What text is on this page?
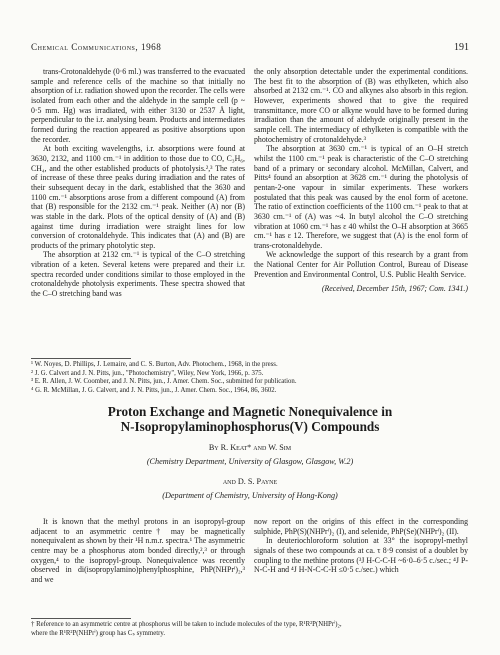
Chemical Communications, 1968	191

trans-Crotonaldehyde (0·6 ml.) was transferred to the evacuated sample and reference cells of the machine so that initially no absorption of i.r. radiation showed upon the recorder. The cells were isolated from each other and the aldehyde in the sample cell (p ~ 0·5 mm. Hg) was irradiated, with either 3130 or 2537 Å light, perpendicular to the i.r. analysing beam. Products and intermediates formed during the reaction appeared as positive absorptions upon the recorder.

At both exciting wavelengths, i.r. absorptions were found at 3630, 2132, and 1100 cm.⁻¹ in addition to those due to CO, C₃H₆, CH₄, and the other established products of photolysis.²,³ The rates of increase of these three peaks during irradiation and the rates of their subsequent decay in the dark, established that the 3630 and 1100 cm.⁻¹ absorptions arose from a different compound (A) from that (B) responsible for the 2132 cm.⁻¹ peak. Neither (A) nor (B) was stable in the dark. Plots of the optical density of (A) and (B) against time during irradiation were straight lines for low conversion of crotonaldehyde. This indicates that (A) and (B) are products of the primary photolytic step.

The absorption at 2132 cm.⁻¹ is typical of the C–O stretching vibration of a keten. Several ketens were prepared and their i.r. spectra recorded under conditions similar to those employed in the crotonaldehyde photolysis experiments. These spectra showed that the C–O stretching band was

the only absorption detectable under the experimental conditions. The best fit to the absorption of (B) was ethylketen, which also absorbed at 2132 cm.⁻¹. CO and alkynes also absorb in this region. However, experiments showed that to give the required transmittance, more CO or alkyne would have to be formed during irradiation than the amount of aldehyde originally present in the sample cell. The intermediacy of ethylketen is compatible with the photochemistry of crotonaldehyde.³

The absorption at 3630 cm.⁻¹ is typical of an O–H stretch whilst the 1100 cm.⁻¹ peak is characteristic of the C–O stretching band of a primary or secondary alcohol. McMillan, Calvert, and Pitts⁴ found an absorption at 3628 cm.⁻¹ during the photolysis of pentan-2-one vapour in similar experiments. These workers postulated that this peak was caused by the enol form of acetone. The ratio of extinction coefficients of the 1100 cm.⁻¹ peak to that at 3630 cm.⁻¹ of (A) was ~4. In butyl alcohol the C–O stretching vibration at 1060 cm.⁻¹ has ε 40 whilst the O–H absorption at 3665 cm.⁻¹ has ε 12. Therefore, we suggest that (A) is the enol form of trans-crotonaldehyde.

We acknowledge the support of this research by a grant from the National Center for Air Pollution Control, Bureau of Disease Prevention and Environmental Control, U.S. Public Health Service.

(Received, December 15th, 1967; Com. 1341.)

¹ W. Noyes, D. Phillips, J. Lemaire, and C. S. Burton, Adv. Photochem., 1968, in the press.
² J. G. Calvert and J. N. Pitts, jun., "Photochemistry", Wiley, New York, 1966, p. 375.
³ E. R. Allen, J. W. Coomber, and J. N. Pitts, jun., J. Amer. Chem. Soc., submitted for publication.
⁴ G. R. McMillan, J. G. Calvert, and J. N. Pitts, jun., J. Amer. Chem. Soc., 1964, 86, 3602.
Proton Exchange and Magnetic Nonequivalence in
N-Isopropylaminophosphorus(V) Compounds
By R. Keat* and W. Sim
(Chemistry Department, University of Glasgow, Glasgow, W.2)
and D. S. Payne
(Department of Chemistry, University of Hong-Kong)

It is known that the methyl protons in an isopropyl-group adjacent to an asymmetric centre† may be magnetically nonequivalent as shown by their ¹H n.m.r. spectra.¹ The asymmetric centre may be a phosphorus atom bonded directly,²,³ or through oxygen,⁴ to the isopropyl-group. Nonequivalence was recently observed in di(isopropylamino)phenylphosphine, PhP(NHPrⁱ)₂,³ and we

now report on the origins of this effect in the corresponding sulphide, PhP(S)(NHPrⁱ)₂ (I), and selenide, PhP(Se)(NHPrⁱ)₂ (II).

In deuteriochloroform solution at 33° the isopropyl-methyl signals of these two compounds at ca. τ 8·9 consist of a doublet by coupling to the methine protons (³J H-C-C-H ~6·0–6·5 c./sec.; ⁴J P-N-C-H and ⁴J H-N-C-C-H ≤0·5 c./sec.) which

† Reference to an asymmetric centre at phosphorus will be taken to include molecules of the type, R¹R²P(NHPrⁱ)₂,
where the R¹R²P(NHPrⁱ) group has Cₛ symmetry.
